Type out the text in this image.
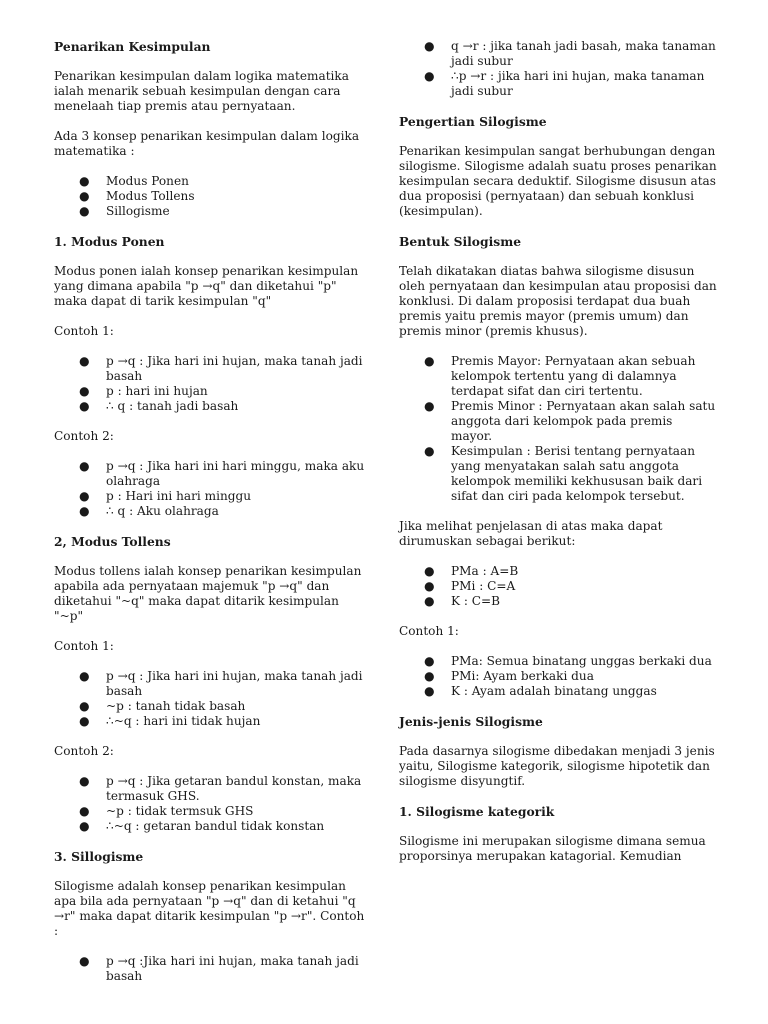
Penarikan Kesimpulan

Penarikan kesimpulan dalam logika matematika ialah menarik sebuah kesimpulan dengan cara menelaah tiap premis atau pernyataan.

Ada 3 konsep penarikan kesimpulan dalam logika matematika :

● Modus Ponen
● Modus Tollens
● Sillogisme
1. Modus Ponen

Modus ponen ialah konsep penarikan kesimpulan yang dimana apabila "p →q" dan diketahui "p" maka dapat di tarik kesimpulan "q"

Contoh 1:

● p →q : Jika hari ini hujan, maka tanah jadi basah
● p : hari ini hujan
● ∴ q : tanah jadi basah

Contoh 2:

● p →q : Jika hari ini hari minggu, maka aku olahraga
● p : Hari ini hari minggu
● ∴ q : Aku olahraga
2, Modus Tollens

Modus tollens ialah konsep penarikan kesimpulan apabila ada pernyataan majemuk "p →q" dan diketahui "~q" maka dapat ditarik kesimpulan "~p"

Contoh 1:

● p →q : Jika hari ini hujan, maka tanah jadi basah
● ~p : tanah tidak basah
● ∴~q : hari ini tidak hujan

Contoh 2:

● p →q : Jika getaran bandul konstan, maka termasuk GHS.
● ~p : tidak termsuk GHS
● ∴~q : getaran bandul tidak konstan
3. Sillogisme

Silogisme adalah konsep penarikan kesimpulan apa bila ada pernyataan "p →q" dan di ketahui "q →r" maka dapat ditarik kesimpulan "p →r". Contoh :

● p →q :Jika hari ini hujan, maka tanah jadi basah
● q →r : jika tanah jadi basah, maka tanaman jadi subur
● ∴p →r : jika hari ini hujan, maka tanaman jadi subur
Pengertian Silogisme

Penarikan kesimpulan sangat berhubungan dengan silogisme. Silogisme adalah suatu proses penarikan kesimpulan secara deduktif. Silogisme disusun atas dua proposisi (pernyataan) dan sebuah konklusi (kesimpulan).

Bentuk Silogisme

Telah dikatakan diatas bahwa silogisme disusun oleh pernyataan dan kesimpulan atau proposisi dan konklusi. Di dalam proposisi terdapat dua buah premis yaitu premis mayor (premis umum) dan premis minor (premis khusus).

● Premis Mayor: Pernyataan akan sebuah kelompok tertentu yang di dalamnya terdapat sifat dan ciri tertentu.
● Premis Minor : Pernyataan akan salah satu anggota dari kelompok pada premis mayor.
● Kesimpulan : Berisi tentang pernyataan yang menyatakan salah satu anggota kelompok memiliki kekhususan baik dari sifat dan ciri pada kelompok tersebut.

Jika melihat penjelasan di atas maka dapat dirumuskan sebagai berikut:

● PMa : A=B
● PMi : C=A
● K : C=B

Contoh 1:

● PMa: Semua binatang unggas berkaki dua
● PMi: Ayam berkaki dua
● K : Ayam adalah binatang unggas
Jenis-jenis Silogisme

Pada dasarnya silogisme dibedakan menjadi 3 jenis yaitu, Silogisme kategorik, silogisme hipotetik dan silogisme disyungtif.

1. Silogisme kategorik

Silogisme ini merupakan silogisme dimana semua proporsinya merupakan katagorial. Kemudian
